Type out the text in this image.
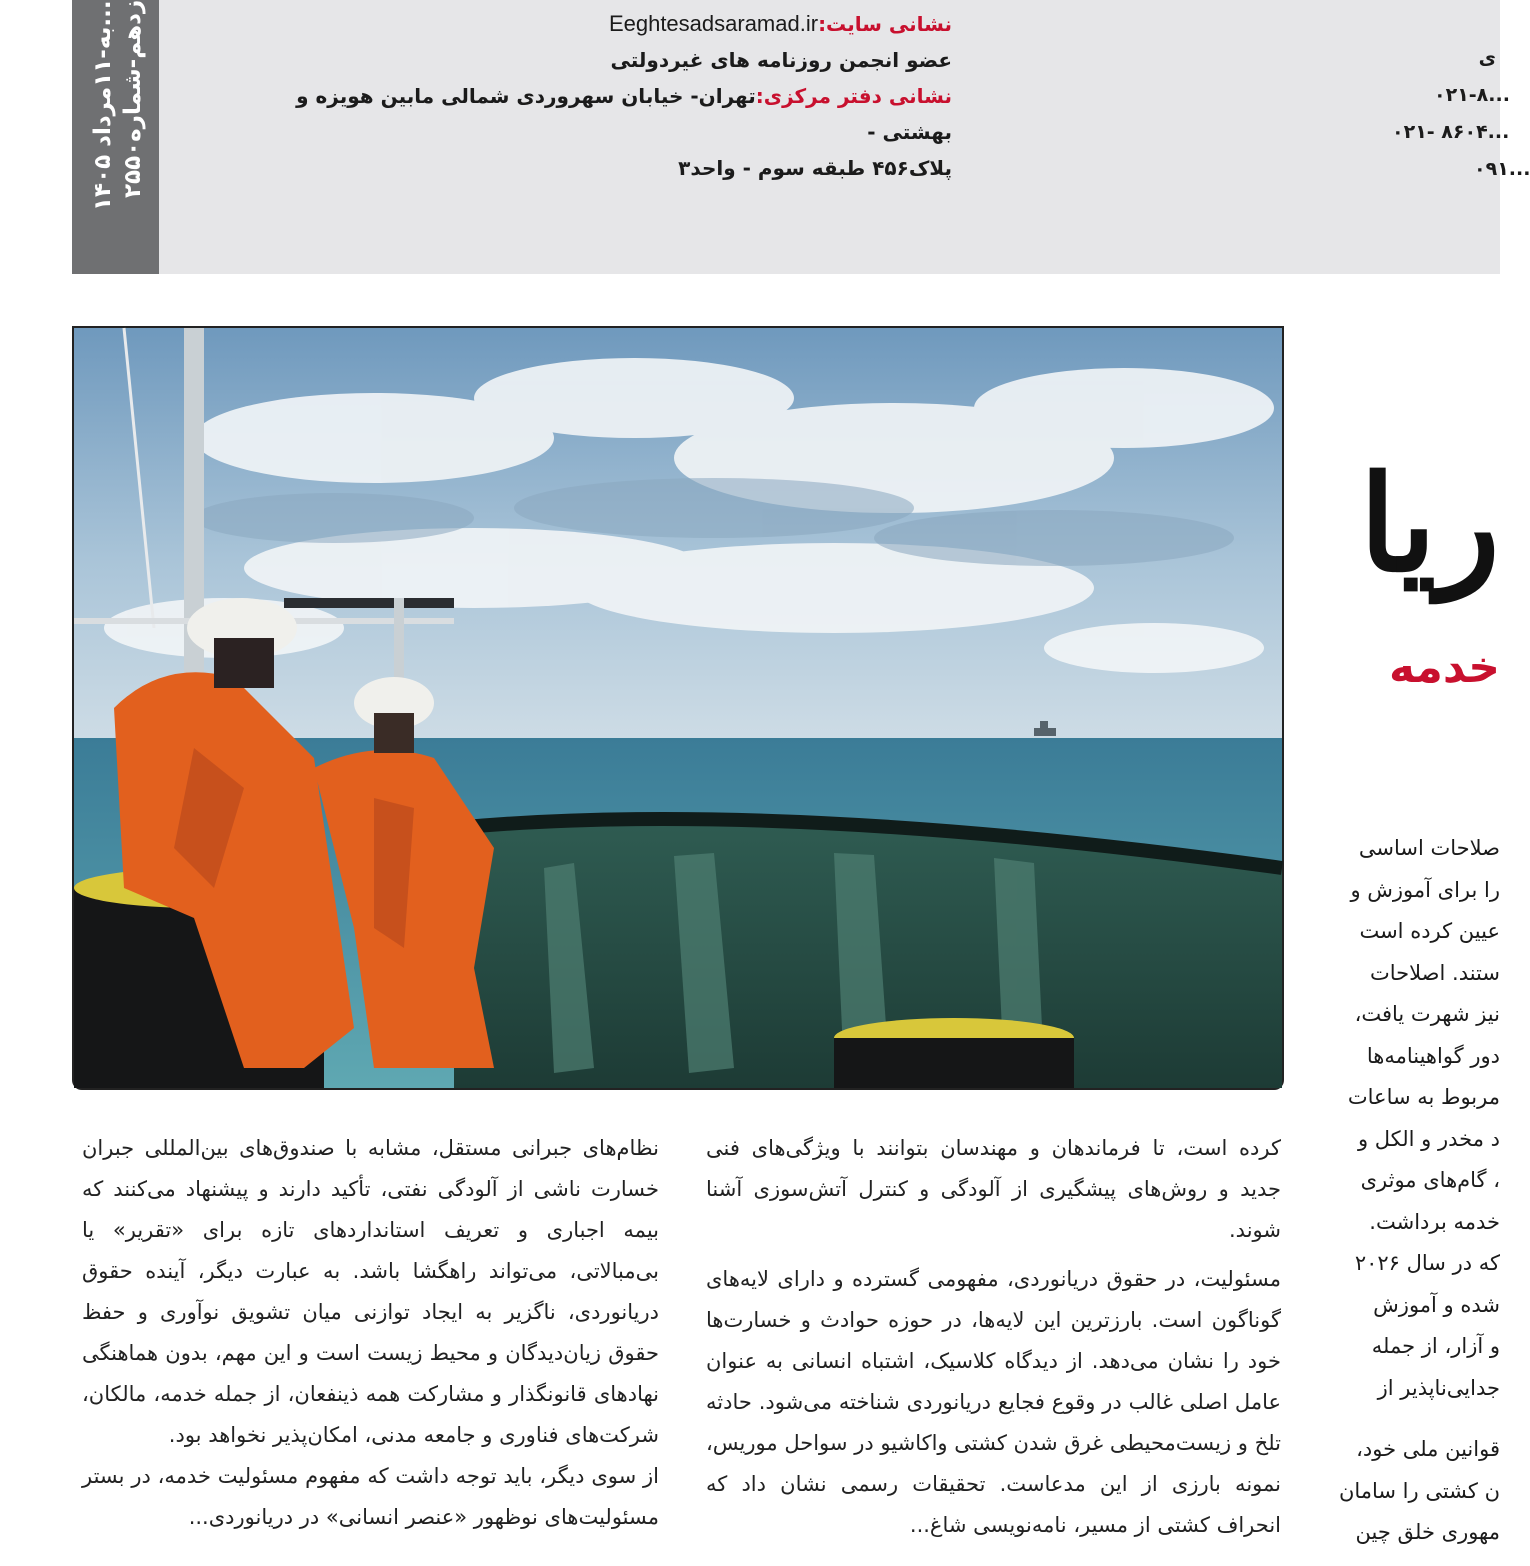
...به-۱۱مرداد ۱۴۰۵
زدهم-شماره۲۵۵۰	نشانی سایت:Eeghtesadsaramad.ir
عضو انجمن روزنامه های غیردولتی
نشانی دفتر مرکزی:تهران- خیابان سهروردی شمالی مابین هویزه و بهشتی -
پلاک۴۵۶ طبقه سوم - واحد۳
ی
۰۲۱-۸...
۰۲۱- ۸۶۰۴...
۰۹۱...
ریا
خدمه
صلاحات اساسی
را برای آموزش و
عیین کرده است
ستند. اصلاحات
نیز شهرت یافت،
دور گواهینامه‌ها
مربوط به ساعات
د مخدر و الکل و
، گام‌های موثری
خدمه برداشت.
که در سال ۲۰۲۶
شده و آموزش
و آزار، از جمله
جدایی‌ناپذیر از
قوانین ملی خود،
ن کشتی را سامان
مهوری خلق چین

کرده است، تا فرماندهان و مهندسان بتوانند با ویژگی‌های فنی جدید و روش‌های پیشگیری از آلودگی و کنترل آتش‌سوزی آشنا شوند.

مسئولیت، در حقوق دریانوردی، مفهومی گسترده و دارای لایه‌های گوناگون است. بارزترین این لایه‌ها، در حوزه حوادث و خسارت‌ها خود را نشان می‌دهد. از دیدگاه کلاسیک، اشتباه انسانی به عنوان عامل اصلی غالب در وقوع فجایع دریانوردی شناخته می‌شود. حادثه تلخ و زیست‌محیطی غرق شدن کشتی واکاشیو در سواحل موریس، نمونه بارزی از این مدعاست. تحقیقات رسمی نشان داد که انحراف کشتی از مسیر، نامه‌نویسی شاغ...

نظام‌های جبرانی مستقل، مشابه با صندوق‌های بین‌المللی جبران خسارت ناشی از آلودگی نفتی، تأکید دارند و پیشنهاد می‌کنند که بیمه اجباری و تعریف استانداردهای تازه برای «تقریر» یا بی‌مبالاتی، می‌تواند راهگشا باشد. به عبارت دیگر، آینده حقوق دریانوردی، ناگزیر به ایجاد توازنی میان تشویق نوآوری و حفظ حقوق زیان‌دیدگان و محیط زیست است و این مهم، بدون هماهنگی نهادهای قانونگذار و مشارکت همه ذینفعان، از جمله خدمه، مالکان، شرکت‌های فناوری و جامعه مدنی، امکان‌پذیر نخواهد بود.

از سوی دیگر، باید توجه داشت که مفهوم مسئولیت خدمه، در بستر مسئولیت‌های نوظهور «عنصر انسانی» در دریانوردی...
